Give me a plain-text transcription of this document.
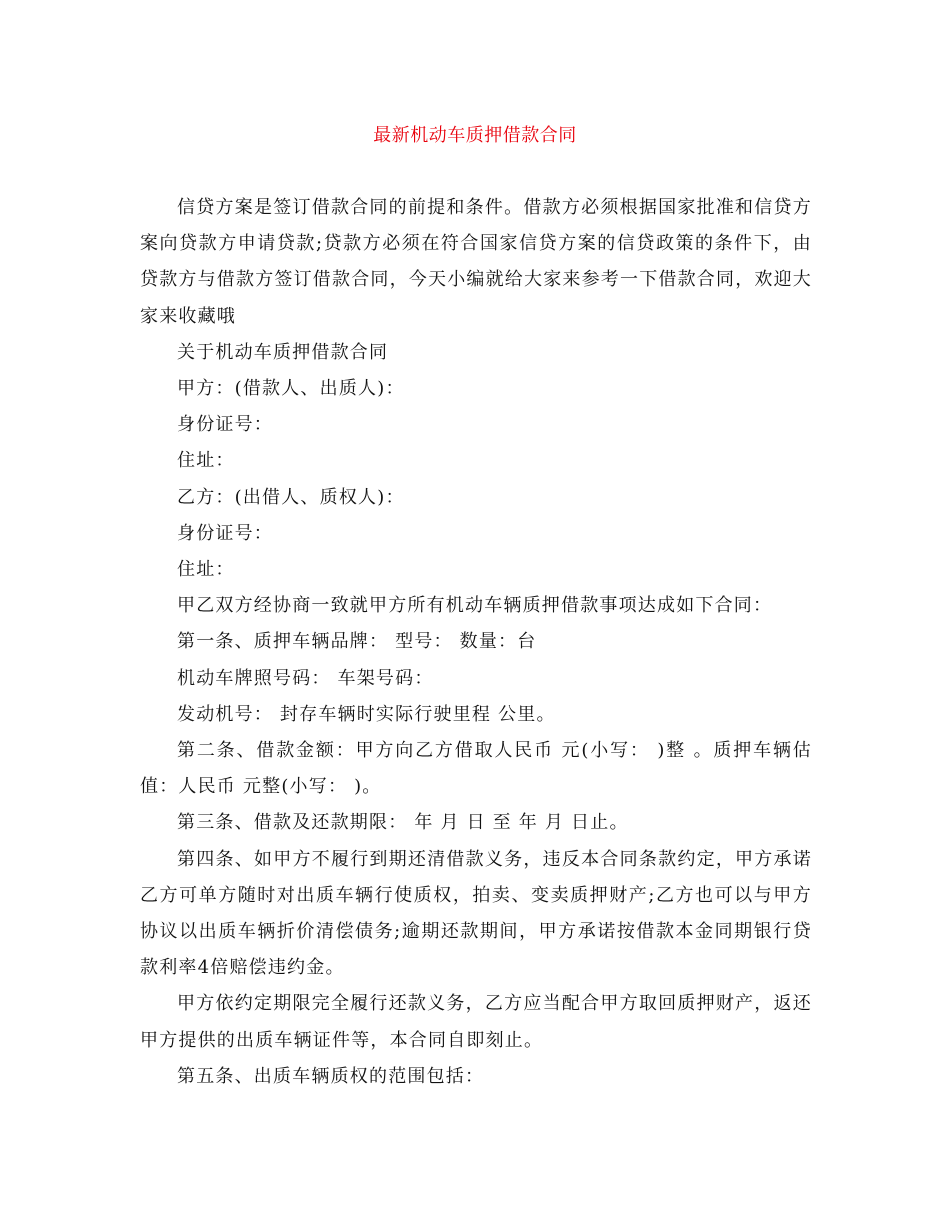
最新机动车质押借款合同

信贷方案是签订借款合同的前提和条件。借款方必须根据国家批准和信贷方案向贷款方申请贷款;贷款方必须在符合国家信贷方案的信贷政策的条件下，由贷款方与借款方签订借款合同，今天小编就给大家来参考一下借款合同，欢迎大家来收藏哦

关于机动车质押借款合同

甲方：(借款人、出质人)：

身份证号：

住址：

乙方：(出借人、质权人)：

身份证号：

住址：

甲乙双方经协商一致就甲方所有机动车辆质押借款事项达成如下合同：

第一条、质押车辆品牌： 型号： 数量：台

机动车牌照号码： 车架号码：

发动机号： 封存车辆时实际行驶里程 公里。

第二条、借款金额：甲方向乙方借取人民币 元(小写： )整 。质押车辆估值：人民币 元整(小写： )。

第三条、借款及还款期限： 年 月 日 至 年 月 日止。

第四条、如甲方不履行到期还清借款义务，违反本合同条款约定，甲方承诺乙方可单方随时对出质车辆行使质权，拍卖、变卖质押财产;乙方也可以与甲方协议以出质车辆折价清偿债务;逾期还款期间，甲方承诺按借款本金同期银行贷款利率4倍赔偿违约金。

甲方依约定期限完全履行还款义务，乙方应当配合甲方取回质押财产，返还甲方提供的出质车辆证件等，本合同自即刻止。

第五条、出质车辆质权的范围包括：
